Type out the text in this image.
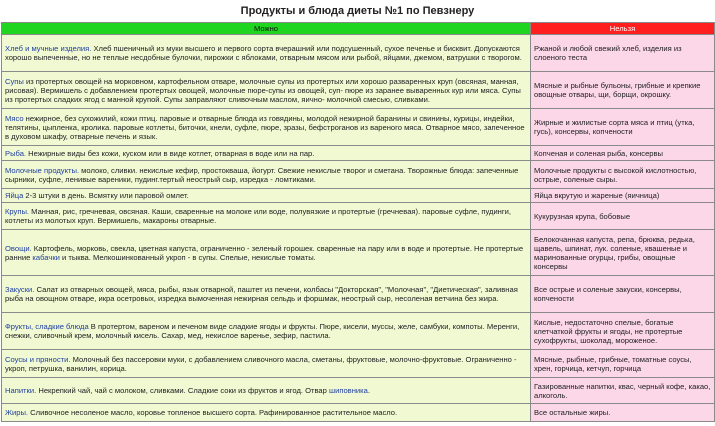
Продукты и блюда диеты №1 по Певзнеру
Можно	Нельзя
Хлеб и мучные изделия. Хлеб пшеничный из муки высшего и первого сорта вчерашний или подсушенный, сухое печенье и бисквит. Допускаются хорошо выпеченные, но не теплые несдобные булочки, пирожки с яблоками, отварным мясом или рыбой, яйцами, джемом, ватрушки с творогом.	Ржаной и любой свежий хлеб, изделия из слоеного теста
Супы из протертых овощей на морковном, картофельном отваре, молочные супы из протертых или хорошо разваренных круп (овсяная, манная, рисовая). Вермишель с добавлением протертых овощей, молочные пюре-супы из овощей, суп- пюре из заранее вываренных кур или мяса. Супы из протертых сладких ягод с манной крупой. Супы заправляют сливочным маслом, яично- молочной смесью, сливками.	Мясные и рыбные бульоны, грибные и крепкие овощные отвары, щи, борщи, окрошку.
Мясо нежирное, без сухожилий, кожи птиц. паровые и отварные блюда из говядины, молодой нежирной баранины и свинины, курицы, индейки, телятины, цыпленка, кролика. паровые котлеты, биточки, кнели, суфле, пюре, зразы, бефстроганов из вареного мяса. Отварное мясо, запеченное в духовом шкафу, отварные печень и язык.	Жирные и жилистые сорта мяса и птиц (утка, гусь), консервы, копчености
Рыба. Нежирные виды без кожи, куском или в виде котлет, отварная в воде или на пар.	Копченая и соленая рыба, консервы
Молочные продукты. молоко, сливки. некислые кефир, простокваша, йогурт. Свежие некислые творог и сметана. Творожные блюда: запеченные сырники, суфле, ленивые вареники, пудинг.тертый неострый сыр, изредка - ломтиками.	Молочные продукты с высокой кислотностью, острые, соленые сыры.
Яйца 2-3 штуки в день. Всмятку или паровой омлет.	Яйца вкрутую и жареные (яичница)
Крупы. Манная, рис, гречневая, овсяная. Каши, сваренные на молоке или воде, полувязкие и протертые (гречневая). паровые суфле, пудинги, котлеты из молотых круп. Вермишель, макароны отварные.	Кукурузная крупа, бобовые
Овощи. Картофель, морковь, свекла, цветная капуста, ограниченно - зеленый горошек. сваренные на пару или в воде и протертые. Не протертые ранние кабачки и тыква. Мелкошинкованный укроп - в супы. Спелые, некислые томаты.	Белокочанная капуста, репа, брюква, редька, щавель, шпинат, лук. соленые, квашеные и маринованные огурцы, грибы, овощные консервы
Закуски. Салат из отварных овощей, мяса, рыбы, язык отварной, паштет из печени, колбасы "Докторская", "Молочная", "Диетическая", заливная рыба на овощном отваре, икра осетровых, изредка вымоченная нежирная сельдь и форшмак, неострый сыр, несоленая ветчина без жира.	Все острые и соленые закуски, консервы, копчености
Фрукты, сладкие блюда В протертом, вареном и печеном виде сладкие ягоды и фрукты. Пюре, кисели, муссы, желе, самбуки, компоты. Меренги, снежки, сливочный крем, молочный кисель. Сахар, мед, некислое варенье, зефир, пастила.	Кислые, недостаточно спелые, богатые клетчаткой фрукты и ягоды, не протертые сухофрукты, шоколад, мороженое.
Соусы и пряности. Молочный без пассеровки муки, с добавлением сливочного масла, сметаны, фруктовые, молочно-фруктовые. Ограниченно - укроп, петрушка, ванилин, корица.	Мясные, рыбные, грибные, томатные соусы, хрен, горчица, кетчуп, горчица
Напитки. Некрепкий чай, чай с молоком, сливками. Сладкие соки из фруктов и ягод. Отвар шиповника.	Газированные напитки, квас, черный кофе, какао, алкоголь.
Жиры. Сливочное несоленое масло, коровье топленое высшего сорта. Рафинированное растительное масло.	Все остальные жиры.
